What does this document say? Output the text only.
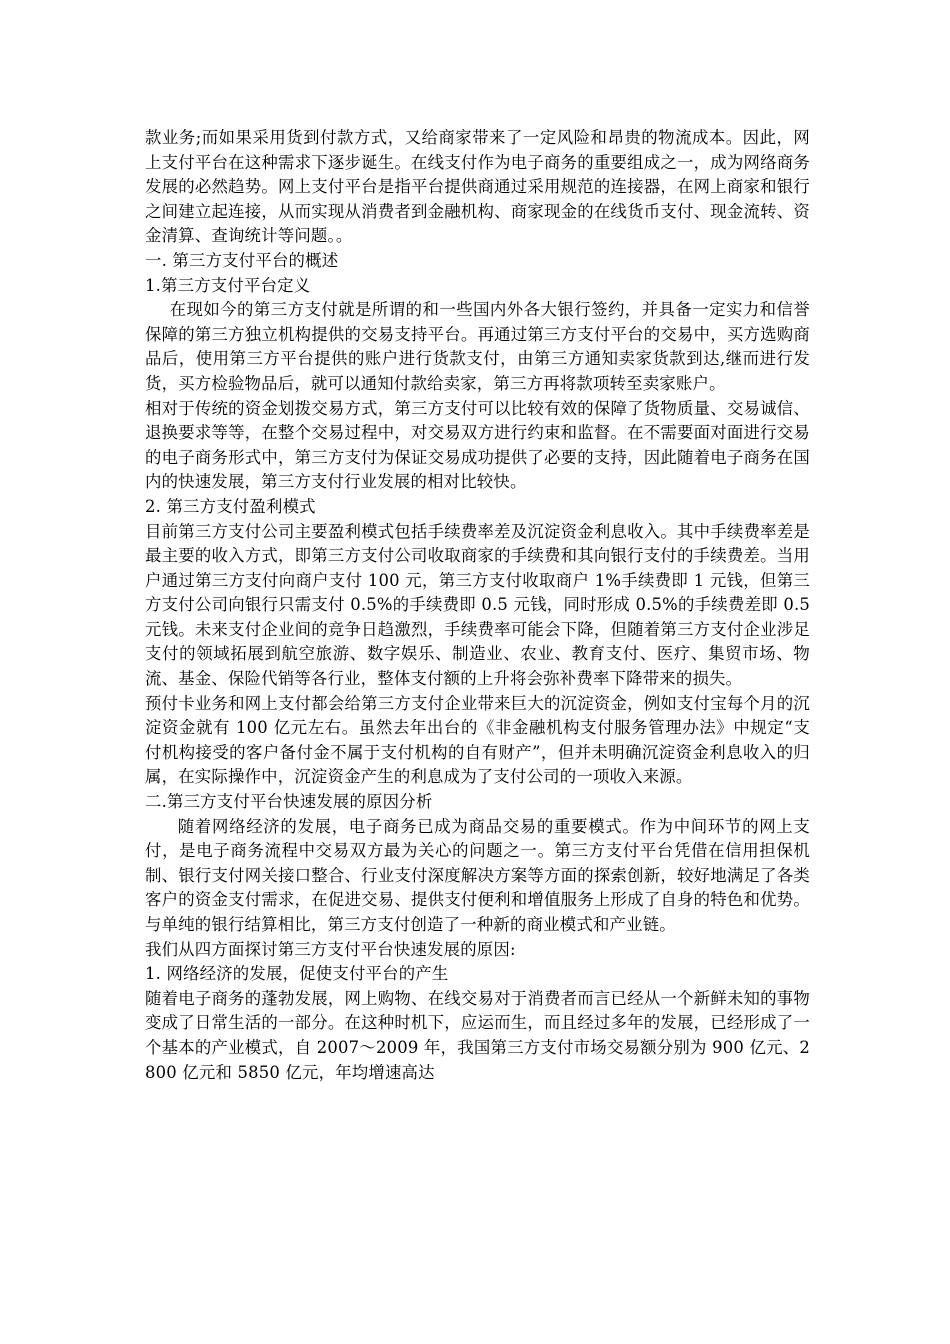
款业务;而如果采用货到付款方式，又给商家带来了一定风险和昂贵的物流成本。因此，网上支付平台在这种需求下逐步诞生。在线支付作为电子商务的重要组成之一，成为网络商务发展的必然趋势。网上支付平台是指平台提供商通过采用规范的连接器，在网上商家和银行之间建立起连接，从而实现从消费者到金融机构、商家现金的在线货币支付、现金流转、资金清算、查询统计等问题。。

一. 第三方支付平台的概述

1.第三方支付平台定义

在现如今的第三方支付就是所谓的和一些国内外各大银行签约，并具备一定实力和信誉保障的第三方独立机构提供的交易支持平台。再通过第三方支付平台的交易中，买方选购商品后，使用第三方平台提供的账户进行货款支付，由第三方通知卖家货款到达,继而进行发货，买方检验物品后，就可以通知付款给卖家，第三方再将款项转至卖家账户。

相对于传统的资金划拨交易方式，第三方支付可以比较有效的保障了货物质量、交易诚信、退换要求等等，在整个交易过程中，对交易双方进行约束和监督。在不需要面对面进行交易的电子商务形式中，第三方支付为保证交易成功提供了必要的支持，因此随着电子商务在国内的快速发展，第三方支付行业发展的相对比较快。

2. 第三方支付盈利模式

目前第三方支付公司主要盈利模式包括手续费率差及沉淀资金利息收入。其中手续费率差是最主要的收入方式，即第三方支付公司收取商家的手续费和其向银行支付的手续费差。当用户通过第三方支付向商户支付 100 元，第三方支付收取商户 1%手续费即 1 元钱，但第三方支付公司向银行只需支付 0.5%的手续费即 0.5 元钱，同时形成 0.5%的手续费差即 0.5 元钱。未来支付企业间的竞争日趋激烈，手续费率可能会下降，但随着第三方支付企业涉足支付的领域拓展到航空旅游、数字娱乐、制造业、农业、教育支付、医疗、集贸市场、物流、基金、保险代销等各行业，整体支付额的上升将会弥补费率下降带来的损失。

预付卡业务和网上支付都会给第三方支付企业带来巨大的沉淀资金，例如支付宝每个月的沉淀资金就有 100 亿元左右。虽然去年出台的《非金融机构支付服务管理办法》中规定“支付机构接受的客户备付金不属于支付机构的自有财产”，但并未明确沉淀资金利息收入的归属，在实际操作中，沉淀资金产生的利息成为了支付公司的一项收入来源。

二.第三方支付平台快速发展的原因分析

随着网络经济的发展，电子商务已成为商品交易的重要模式。作为中间环节的网上支付，是电子商务流程中交易双方最为关心的问题之一。第三方支付平台凭借在信用担保机制、银行支付网关接口整合、行业支付深度解决方案等方面的探索创新，较好地满足了各类客户的资金支付需求，在促进交易、提供支付便利和增值服务上形成了自身的特色和优势。与单纯的银行结算相比，第三方支付创造了一种新的商业模式和产业链。

我们从四方面探讨第三方支付平台快速发展的原因:

1. 网络经济的发展，促使支付平台的产生

随着电子商务的蓬勃发展，网上购物、在线交易对于消费者而言已经从一个新鲜未知的事物变成了日常生活的一部分。在这种时机下，应运而生，而且经过多年的发展，已经形成了一个基本的产业模式，自 2007～2009 年，我国第三方支付市场交易额分别为 900 亿元、2800 亿元和 5850 亿元，年均增速高达
